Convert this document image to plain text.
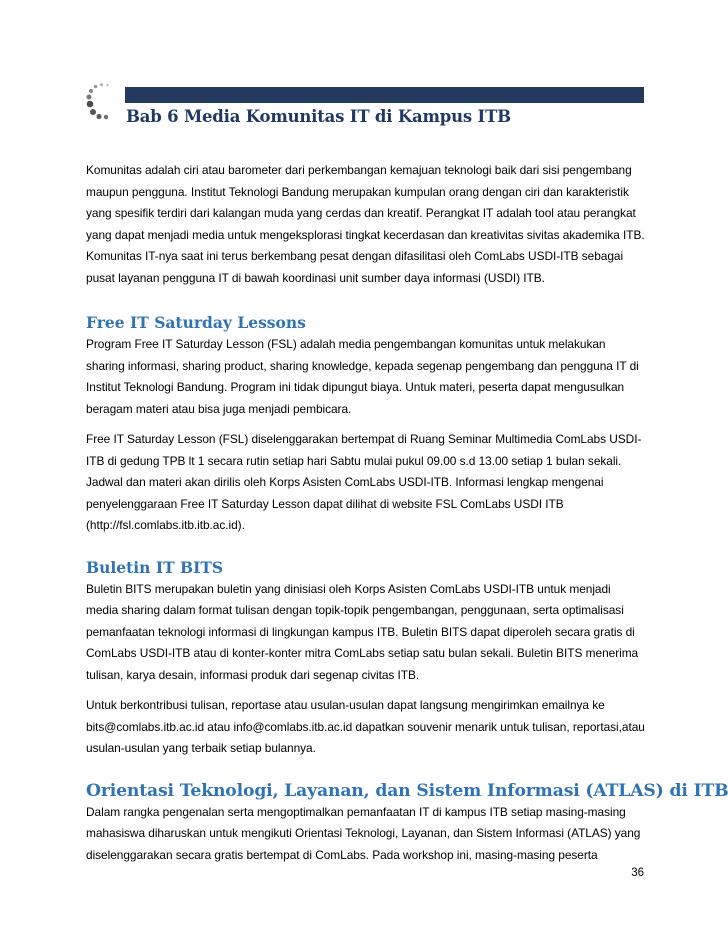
Bab 6 Media Komunitas IT di Kampus ITB

Komunitas adalah ciri atau barometer dari perkembangan kemajuan teknologi baik dari sisi pengembang maupun pengguna. Institut Teknologi Bandung merupakan kumpulan orang dengan ciri dan karakteristik yang spesifik terdiri dari kalangan muda yang cerdas dan kreatif. Perangkat IT adalah tool atau perangkat yang dapat menjadi media untuk mengeksplorasi tingkat kecerdasan dan kreativitas sivitas akademika ITB. Komunitas IT-nya saat ini terus berkembang pesat dengan difasilitasi oleh ComLabs USDI-ITB sebagai pusat layanan pengguna IT di bawah koordinasi unit sumber daya informasi (USDI) ITB.

Free IT Saturday Lessons

Program Free IT Saturday Lesson (FSL) adalah media pengembangan komunitas untuk melakukan sharing informasi, sharing product, sharing knowledge, kepada segenap pengembang dan pengguna IT di Institut Teknologi Bandung. Program ini tidak dipungut biaya. Untuk materi, peserta dapat mengusulkan beragam materi atau bisa juga menjadi pembicara.

Free IT Saturday Lesson (FSL) diselenggarakan bertempat di Ruang Seminar Multimedia ComLabs USDI-ITB di gedung TPB lt 1 secara rutin setiap hari Sabtu mulai pukul 09.00 s.d 13.00 setiap 1 bulan sekali. Jadwal dan materi akan dirilis oleh Korps Asisten ComLabs USDI-ITB. Informasi lengkap mengenai penyelenggaraan Free IT Saturday Lesson dapat dilihat di website FSL ComLabs USDI ITB (http://fsl.comlabs.itb.itb.ac.id).

Buletin IT BITS

Buletin BITS merupakan buletin yang dinisiasi oleh Korps Asisten ComLabs USDI-ITB untuk menjadi media sharing dalam format tulisan dengan topik-topik pengembangan, penggunaan, serta optimalisasi pemanfaatan teknologi informasi di lingkungan kampus ITB. Buletin BITS dapat diperoleh secara gratis di ComLabs USDI-ITB atau di konter-konter mitra ComLabs setiap satu bulan sekali. Buletin BITS menerima tulisan, karya desain, informasi produk dari segenap civitas ITB.

Untuk berkontribusi tulisan, reportase atau usulan-usulan dapat langsung mengirimkan emailnya ke bits@comlabs.itb.ac.id atau info@comlabs.itb.ac.id dapatkan souvenir menarik untuk tulisan, reportasi,atau usulan-usulan yang terbaik setiap bulannya.

Orientasi Teknologi, Layanan, dan Sistem Informasi (ATLAS) di ITB

Dalam rangka pengenalan serta mengoptimalkan pemanfaatan IT di kampus ITB setiap masing-masing mahasiswa diharuskan untuk mengikuti Orientasi Teknologi, Layanan, dan Sistem Informasi (ATLAS) yang diselenggarakan secara gratis bertempat di ComLabs. Pada workshop ini, masing-masing peserta

36
